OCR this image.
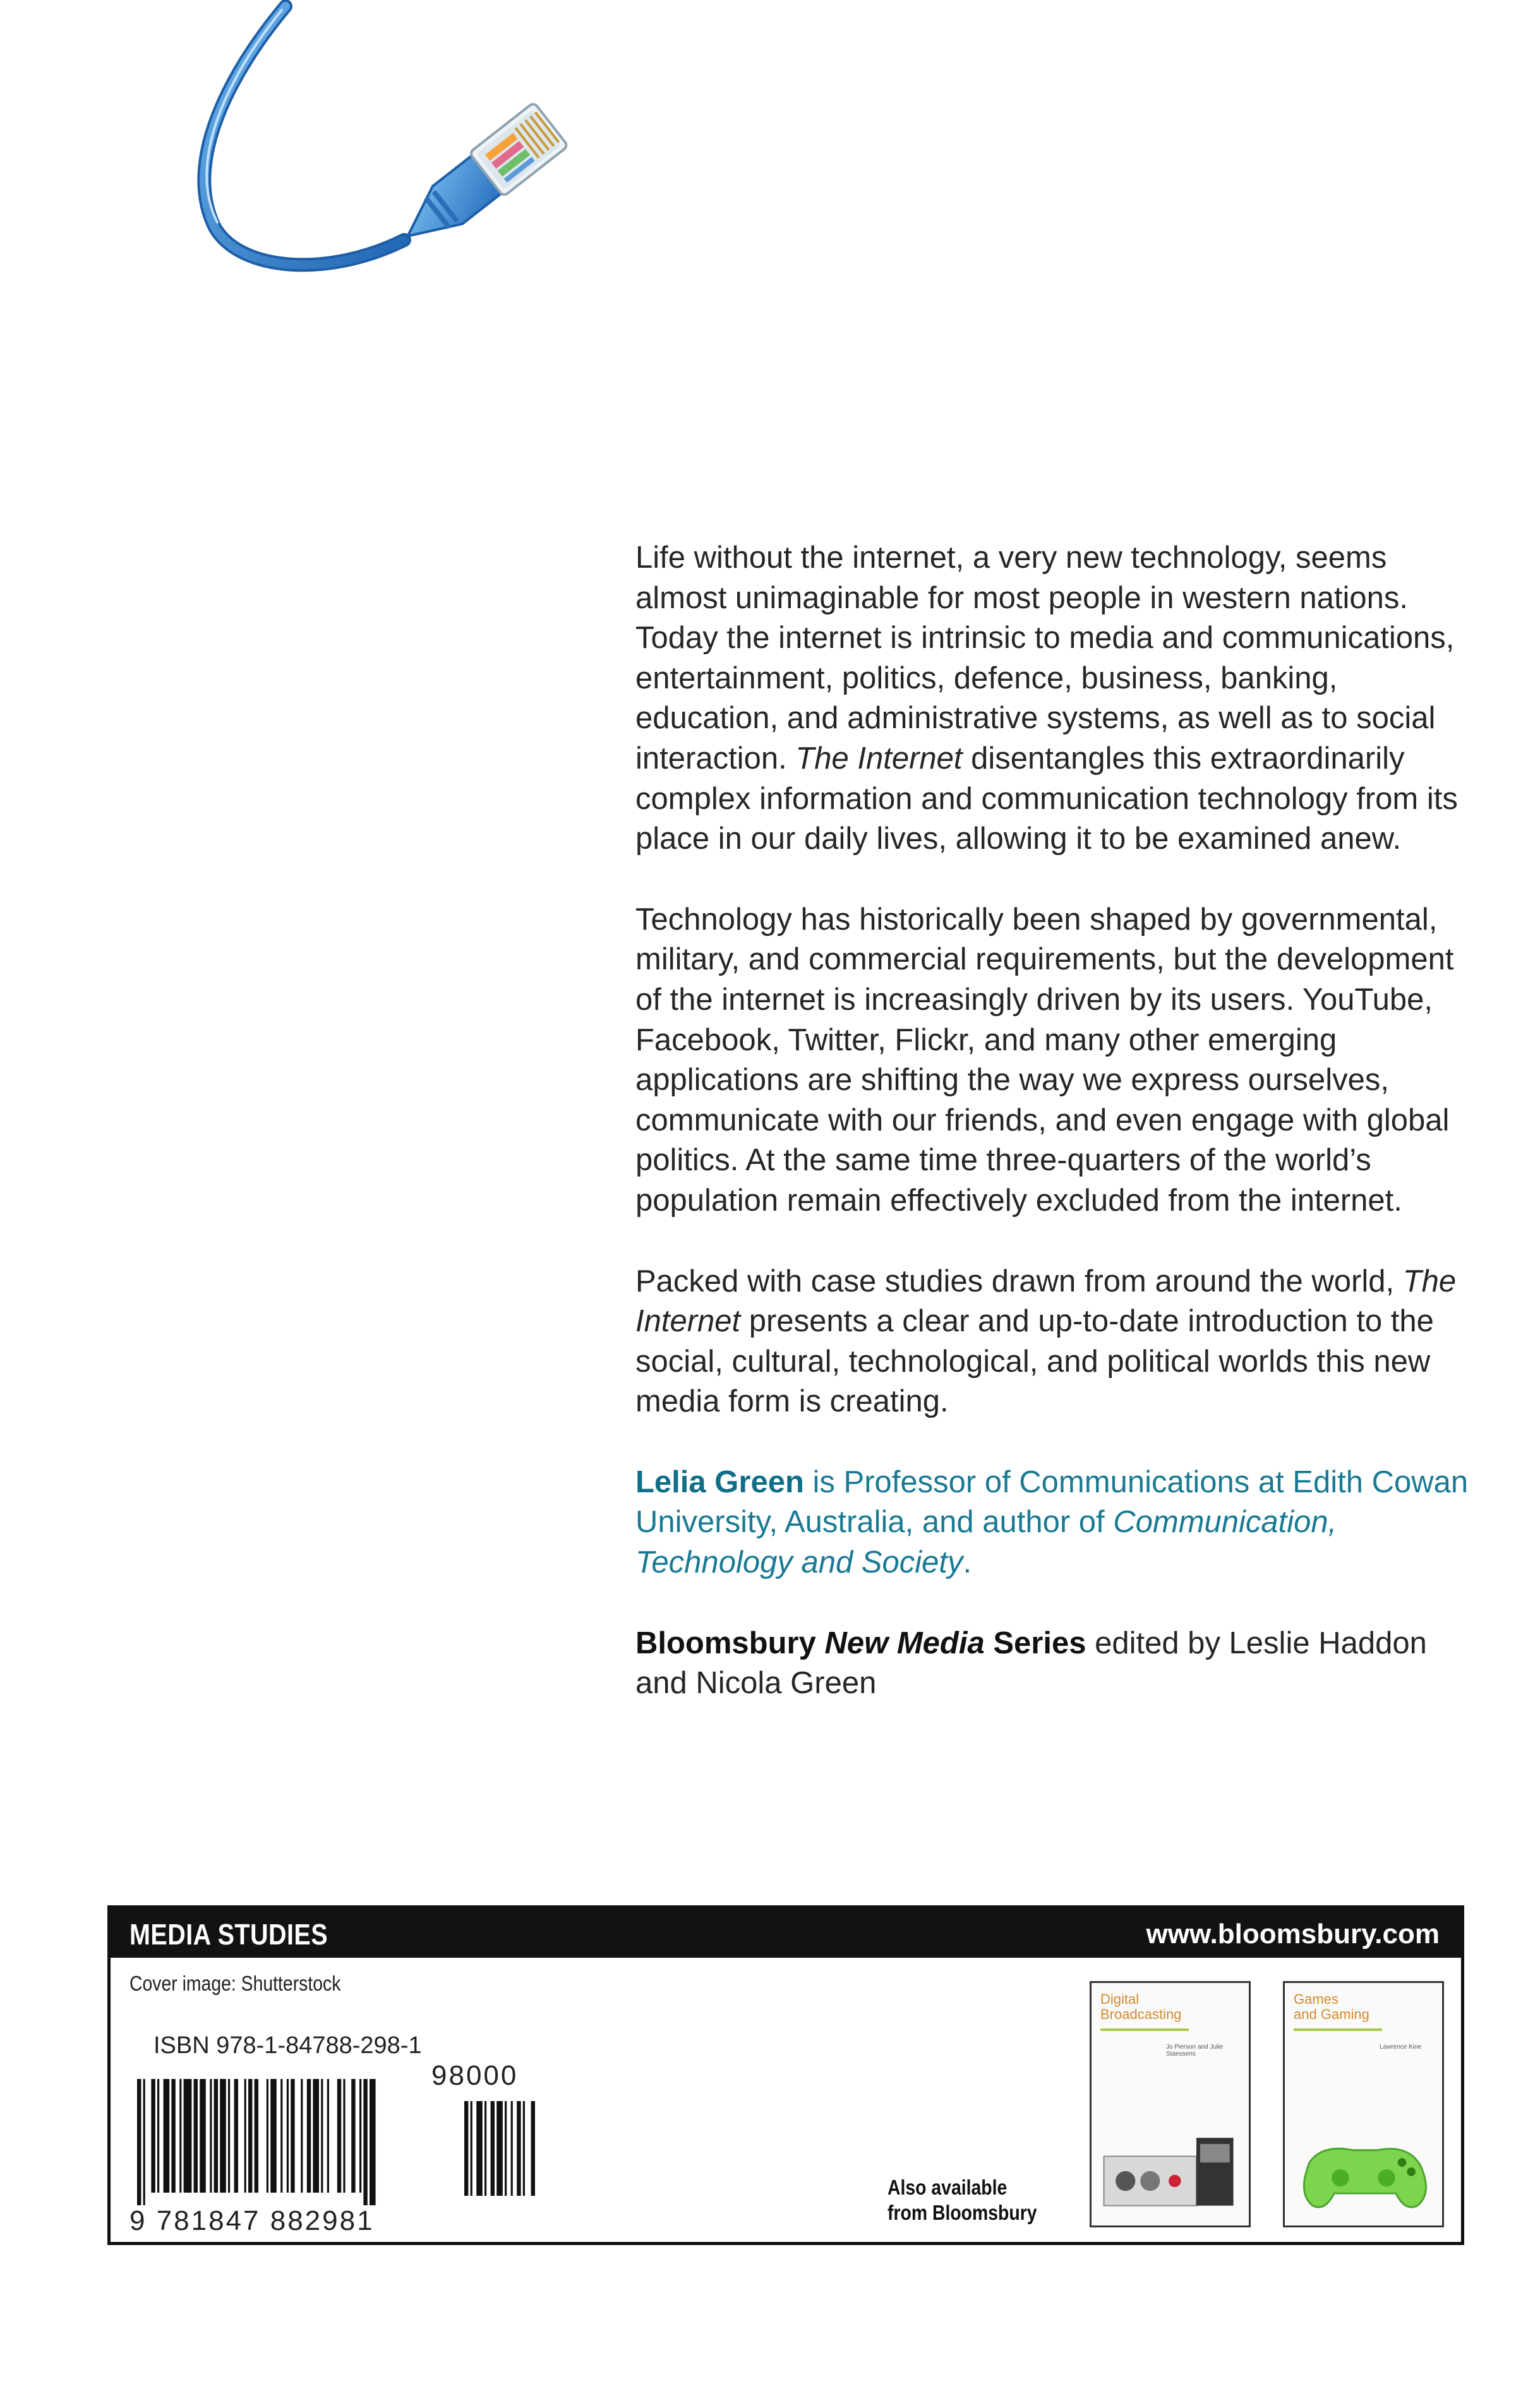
Life without the internet, a very new technology, seems almost unimaginable for most people in western nations. Today the internet is intrinsic to media and communications, entertainment, politics, defence, business, banking, education, and administrative systems, as well as to social interaction. The Internet disentangles this extraordinarily complex information and communication technology from its place in our daily lives, allowing it to be examined anew.

Technology has historically been shaped by governmental, military, and commercial requirements, but the development of the internet is increasingly driven by its users. YouTube, Facebook, Twitter, Flickr, and many other emerging applications are shifting the way we express ourselves, communicate with our friends, and even engage with global politics. At the same time three-quarters of the world’s population remain effectively excluded from the internet.

Packed with case studies drawn from around the world, The Internet presents a clear and up-to-date introduction to the social, cultural, technological, and political worlds this new media form is creating.

Lelia Green is Professor of Communications at Edith Cowan University, Australia, and author of Communication, Technology and Society.

Bloomsbury New Media Series edited by Leslie Haddon and Nicola Green

MEDIA STUDIES	www.bloomsbury.com
Cover image: Shutterstock
ISBN 978-1-84788-298-1
9 781847 882981
98000
Also available
from Bloomsbury
Digital
Broadcasting
Jo Pierson and Julie Staessens
Games
and Gaming
Lawrence Kine
